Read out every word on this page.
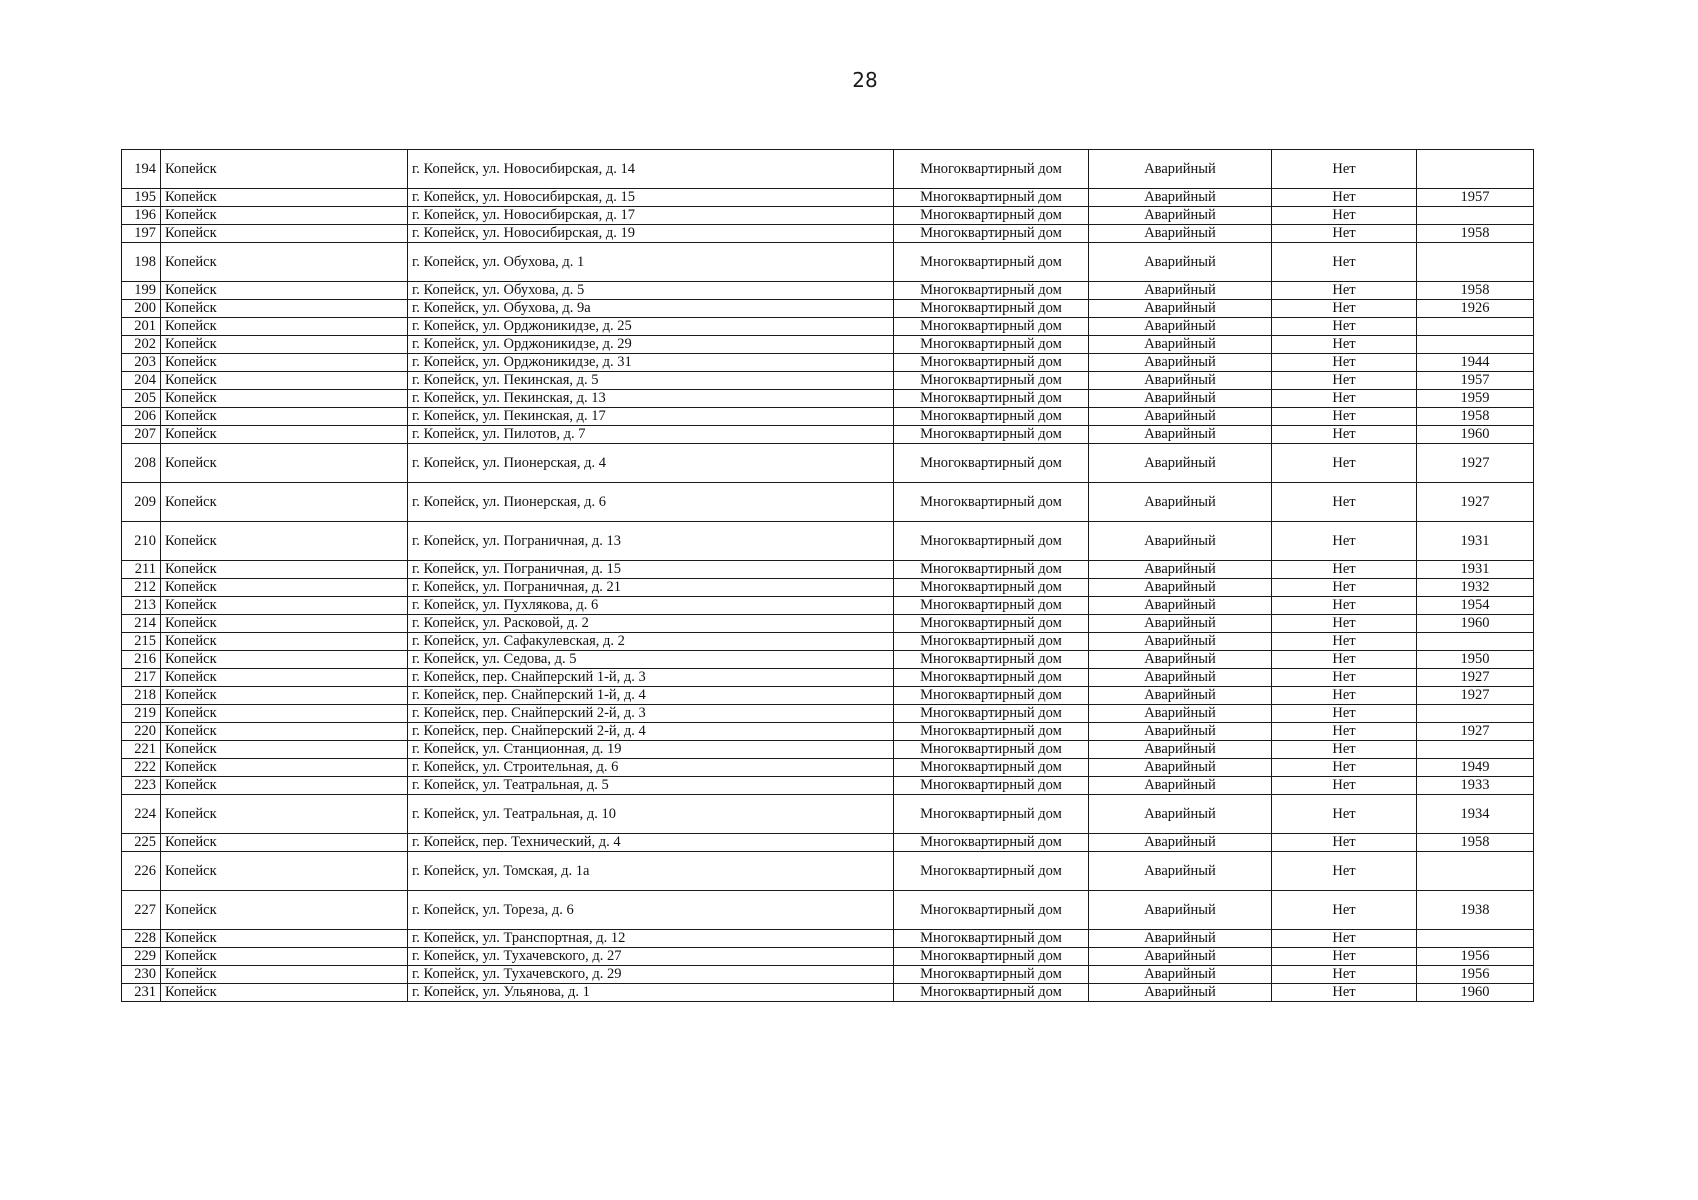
28
194	Копейск	г. Копейск, ул. Новосибирская, д. 14	Многоквартирный дом	Аварийный	Нет	
195	Копейск	г. Копейск, ул. Новосибирская, д. 15	Многоквартирный дом	Аварийный	Нет	1957
196	Копейск	г. Копейск, ул. Новосибирская, д. 17	Многоквартирный дом	Аварийный	Нет	
197	Копейск	г. Копейск, ул. Новосибирская, д. 19	Многоквартирный дом	Аварийный	Нет	1958
198	Копейск	г. Копейск, ул. Обухова, д. 1	Многоквартирный дом	Аварийный	Нет	
199	Копейск	г. Копейск, ул. Обухова, д. 5	Многоквартирный дом	Аварийный	Нет	1958
200	Копейск	г. Копейск, ул. Обухова, д. 9а	Многоквартирный дом	Аварийный	Нет	1926
201	Копейск	г. Копейск, ул. Орджоникидзе, д. 25	Многоквартирный дом	Аварийный	Нет	
202	Копейск	г. Копейск, ул. Орджоникидзе, д. 29	Многоквартирный дом	Аварийный	Нет	
203	Копейск	г. Копейск, ул. Орджоникидзе, д. 31	Многоквартирный дом	Аварийный	Нет	1944
204	Копейск	г. Копейск, ул. Пекинская, д. 5	Многоквартирный дом	Аварийный	Нет	1957
205	Копейск	г. Копейск, ул. Пекинская, д. 13	Многоквартирный дом	Аварийный	Нет	1959
206	Копейск	г. Копейск, ул. Пекинская, д. 17	Многоквартирный дом	Аварийный	Нет	1958
207	Копейск	г. Копейск, ул. Пилотов, д. 7	Многоквартирный дом	Аварийный	Нет	1960
208	Копейск	г. Копейск, ул. Пионерская, д. 4	Многоквартирный дом	Аварийный	Нет	1927
209	Копейск	г. Копейск, ул. Пионерская, д. 6	Многоквартирный дом	Аварийный	Нет	1927
210	Копейск	г. Копейск, ул. Пограничная, д. 13	Многоквартирный дом	Аварийный	Нет	1931
211	Копейск	г. Копейск, ул. Пограничная, д. 15	Многоквартирный дом	Аварийный	Нет	1931
212	Копейск	г. Копейск, ул. Пограничная, д. 21	Многоквартирный дом	Аварийный	Нет	1932
213	Копейск	г. Копейск, ул. Пухлякова, д. 6	Многоквартирный дом	Аварийный	Нет	1954
214	Копейск	г. Копейск, ул. Расковой, д. 2	Многоквартирный дом	Аварийный	Нет	1960
215	Копейск	г. Копейск, ул. Сафакулевская, д. 2	Многоквартирный дом	Аварийный	Нет	
216	Копейск	г. Копейск, ул. Седова, д. 5	Многоквартирный дом	Аварийный	Нет	1950
217	Копейск	г. Копейск, пер. Снайперский 1-й, д. 3	Многоквартирный дом	Аварийный	Нет	1927
218	Копейск	г. Копейск, пер. Снайперский 1-й, д. 4	Многоквартирный дом	Аварийный	Нет	1927
219	Копейск	г. Копейск, пер. Снайперский 2-й, д. 3	Многоквартирный дом	Аварийный	Нет	
220	Копейск	г. Копейск, пер. Снайперский 2-й, д. 4	Многоквартирный дом	Аварийный	Нет	1927
221	Копейск	г. Копейск, ул. Станционная, д. 19	Многоквартирный дом	Аварийный	Нет	
222	Копейск	г. Копейск, ул. Строительная, д. 6	Многоквартирный дом	Аварийный	Нет	1949
223	Копейск	г. Копейск, ул. Театральная, д. 5	Многоквартирный дом	Аварийный	Нет	1933
224	Копейск	г. Копейск, ул. Театральная, д. 10	Многоквартирный дом	Аварийный	Нет	1934
225	Копейск	г. Копейск, пер. Технический, д. 4	Многоквартирный дом	Аварийный	Нет	1958
226	Копейск	г. Копейск, ул. Томская, д. 1а	Многоквартирный дом	Аварийный	Нет	
227	Копейск	г. Копейск, ул. Тореза, д. 6	Многоквартирный дом	Аварийный	Нет	1938
228	Копейск	г. Копейск, ул. Транспортная, д. 12	Многоквартирный дом	Аварийный	Нет	
229	Копейск	г. Копейск, ул. Тухачевского, д. 27	Многоквартирный дом	Аварийный	Нет	1956
230	Копейск	г. Копейск, ул. Тухачевского, д. 29	Многоквартирный дом	Аварийный	Нет	1956
231	Копейск	г. Копейск, ул. Ульянова, д. 1	Многоквартирный дом	Аварийный	Нет	1960
